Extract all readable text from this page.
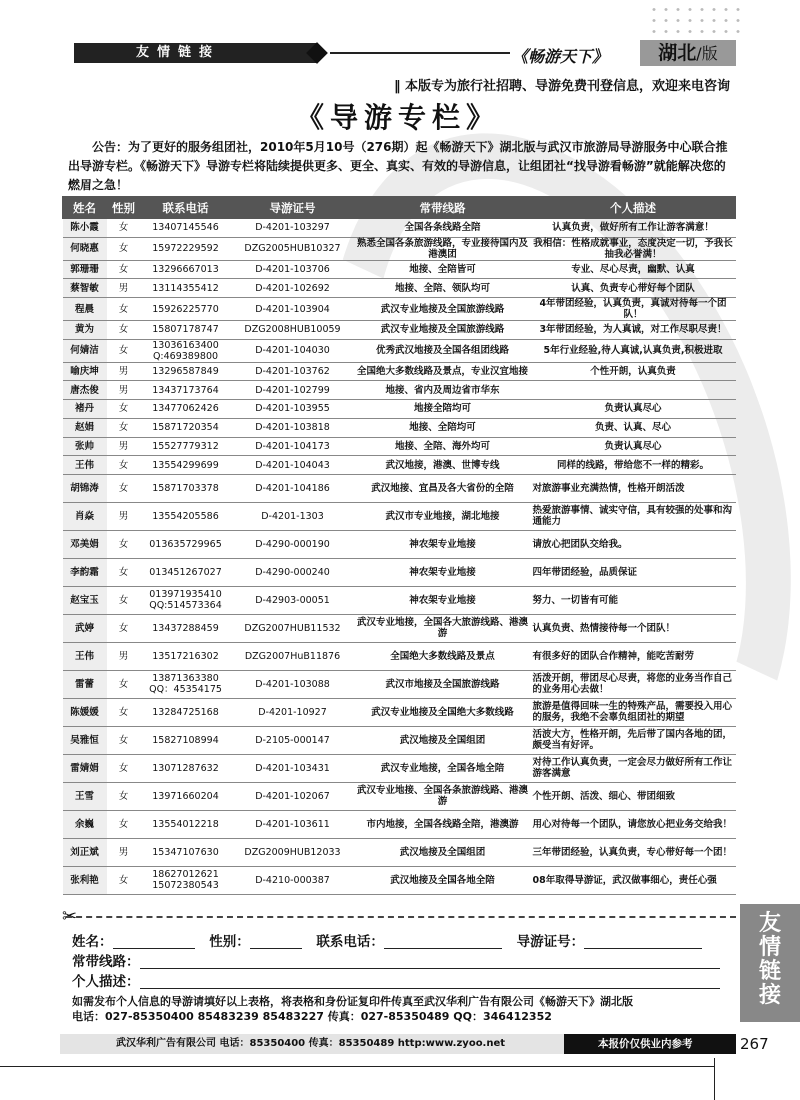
友情链接	《畅游天下》	湖北/版
‖ 本版专为旅行社招聘、导游免费刊登信息，欢迎来电咨询
《导游专栏》
公告：为了更好的服务组团社，2010年5月10号（276期）起《畅游天下》湖北版与武汉市旅游局导游服务中心联合推出导游专栏。《畅游天下》导游专栏将陆续提供更多、更全、真实、有效的导游信息，让组团社“找导游看畅游”就能解决您的燃眉之急！
姓名	性别	联系电话	导游证号	常带线路	个人描述
陈小霞	女	13407145546	D-4201-103297	全国各条线路全陪	认真负责，做好所有工作让游客满意！
何晓惠	女	15972229592	DZG2005HUB10327	熟悉全国各条旅游线路，专业接待国内及港澳团	我相信：性格成就事业，态度决定一切，予我长抽我必誉满！
郭珊珊	女	13296667013	D-4201-103706	地接、全陪皆可	专业、尽心尽责，幽默、认真
蔡智敏	男	13114355412	D-4201-102692	地接、全陪、领队均可	认真、负责专心带好每个团队
程晨	女	15926225770	D-4201-103904	武汉专业地接及全国旅游线路	4年带团经验，认真负责，真诚对待每一个团队！
黄为	女	15807178747	DZG2008HUB10059	武汉专业地接及全国旅游线路	3年带团经验，为人真诚，对工作尽职尽责！
何婧洁	女	13036163400 Q:469389800	D-4201-104030	优秀武汉地接及全国各组团线路	5年行业经验,待人真诚,认真负责,积极进取
喻庆坤	男	13296587849	D-4201-103762	全国绝大多数线路及景点，专业汉宜地接	个性开朗，认真负责
唐杰俊	男	13437173764	D-4201-102799	地接、省内及周边省市华东	
褚丹	女	13477062426	D-4201-103955	地接全陪均可	负责认真尽心
赵娟	女	15871720354	D-4201-103818	地接、全陪均可	负责、认真、尽心
张帅	男	15527779312	D-4201-104173	地接、全陪、海外均可	负责认真尽心
王伟	女	13554299699	D-4201-104043	武汉地接，港澳、世博专线	同样的线路，带给您不一样的精彩。
胡锦涛	女	15871703378	D-4201-104186	武汉地接、宜昌及各大省份的全陪	对旅游事业充满热情，性格开朗活泼
肖焱	男	13554205586	D-4201-1303	武汉市专业地接，湖北地接	热爱旅游事情、诚实守信，具有较强的处事和沟通能力
邓美娟	女	013635729965	D-4290-000190	神农架专业地接	请放心把团队交给我。
李韵霜	女	013451267027	D-4290-000240	神农架专业地接	四年带团经验，品质保证
赵宝玉	女	013971935410 QQ:514573364	D-42903-00051	神农架专业地接	努力、一切皆有可能
武婷	女	13437288459	DZG2007HUB11532	武汉专业地接，全国各大旅游线路、港澳游	认真负责、热情接待每一个团队！
王伟	男	13517216302	DZG2007HuB11876	全国绝大多数线路及景点	有很多好的团队合作精神，能吃苦耐劳
雷蕾	女	13871363380 QQ：45354175	D-4201-103088	武汉市地接及全国旅游线路	活泼开朗，带团尽心尽责，将您的业务当作自己的业务用心去做！
陈媛媛	女	13284725168	D-4201-10927	武汉专业地接及全国绝大多数线路	旅游是值得回味一生的特殊产品，需要投入用心的服务，我绝不会辜负组团社的期望
吴雅恒	女	15827108994	D-2105-000147	武汉地接及全国组团	活波大方，性格开朗，先后带了国内各地的团，颇受当有好评。
雷婧娟	女	13071287632	D-4201-103431	武汉专业地接，全国各地全陪	对待工作认真负责，一定会尽力做好所有工作让游客满意
王雪	女	13971660204	D-4201-102067	武汉专业地接、全国各条旅游线路、港澳游	个性开朗、活泼、细心、带团细致
余巍	女	13554012218	D-4201-103611	市内地接，全国各线路全陪，港澳游	用心对待每一个团队，请您放心把业务交给我！
刘正斌	男	15347107630	DZG2009HUB12033	武汉地接及全国组团	三年带团经验，认真负责，专心带好每一个团！
张利艳	女	18627012621 15072380543	D-4210-000387	武汉地接及全国各地全陪	08年取得导游证，武汉做事细心，责任心强
✂
姓名：	性别：	联系电话：	导游证号：
常带线路：
个人描述：
如需发布个人信息的导游请填好以上表格，将表格和身份证复印件传真至武汉华利广告有限公司《畅游天下》湖北版
电话：027-85350400 85483239 85483227 传真：027-85350489 QQ：346412352
友
情
链
接
武汉华利广告有限公司 电话：85350400 传真：85350489 http:www.zyoo.net	本报价仅供业内参考	267
